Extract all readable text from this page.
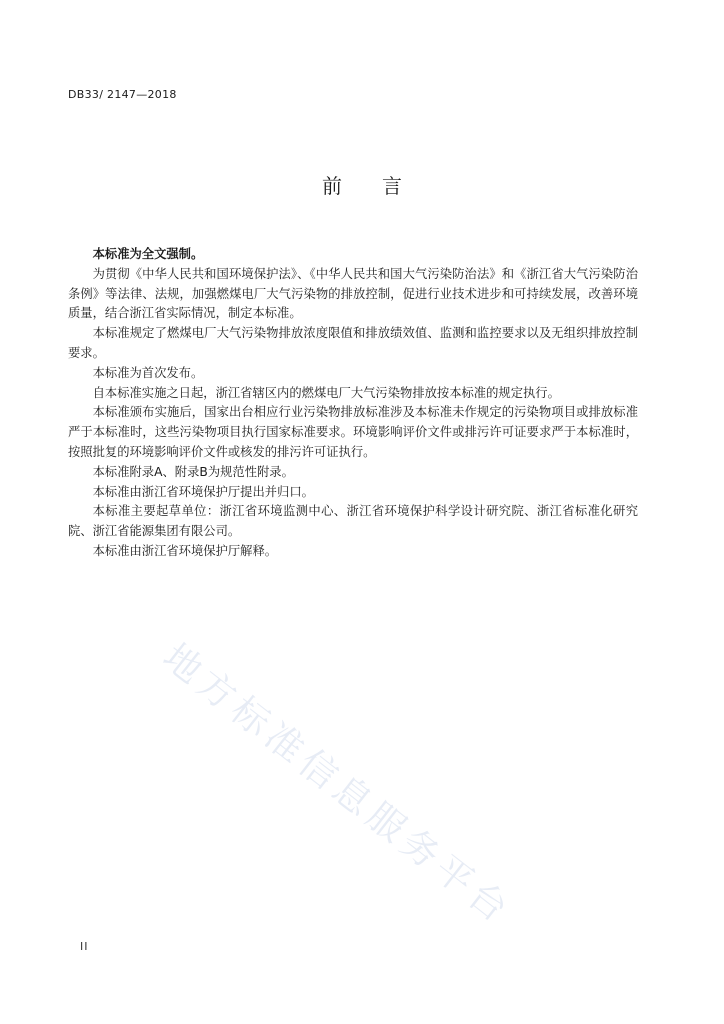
DB33/ 2147—2018
前 言

本标准为全文强制。

为贯彻《中华人民共和国环境保护法》、《中华人民共和国大气污染防治法》和《浙江省大气污染防治条例》等法律、法规，加强燃煤电厂大气污染物的排放控制，促进行业技术进步和可持续发展，改善环境质量，结合浙江省实际情况，制定本标准。

本标准规定了燃煤电厂大气污染物排放浓度限值和排放绩效值、监测和监控要求以及无组织排放控制要求。

本标准为首次发布。

自本标准实施之日起，浙江省辖区内的燃煤电厂大气污染物排放按本标准的规定执行。

本标准颁布实施后，国家出台相应行业污染物排放标准涉及本标准未作规定的污染物项目或排放标准严于本标准时，这些污染物项目执行国家标准要求。环境影响评价文件或排污许可证要求严于本标准时，按照批复的环境影响评价文件或核发的排污许可证执行。

本标准附录A、附录B为规范性附录。

本标准由浙江省环境保护厅提出并归口。

本标准主要起草单位：浙江省环境监测中心、浙江省环境保护科学设计研究院、浙江省标准化研究院、浙江省能源集团有限公司。

本标准由浙江省环境保护厅解释。

地方标准信息服务平台
II
